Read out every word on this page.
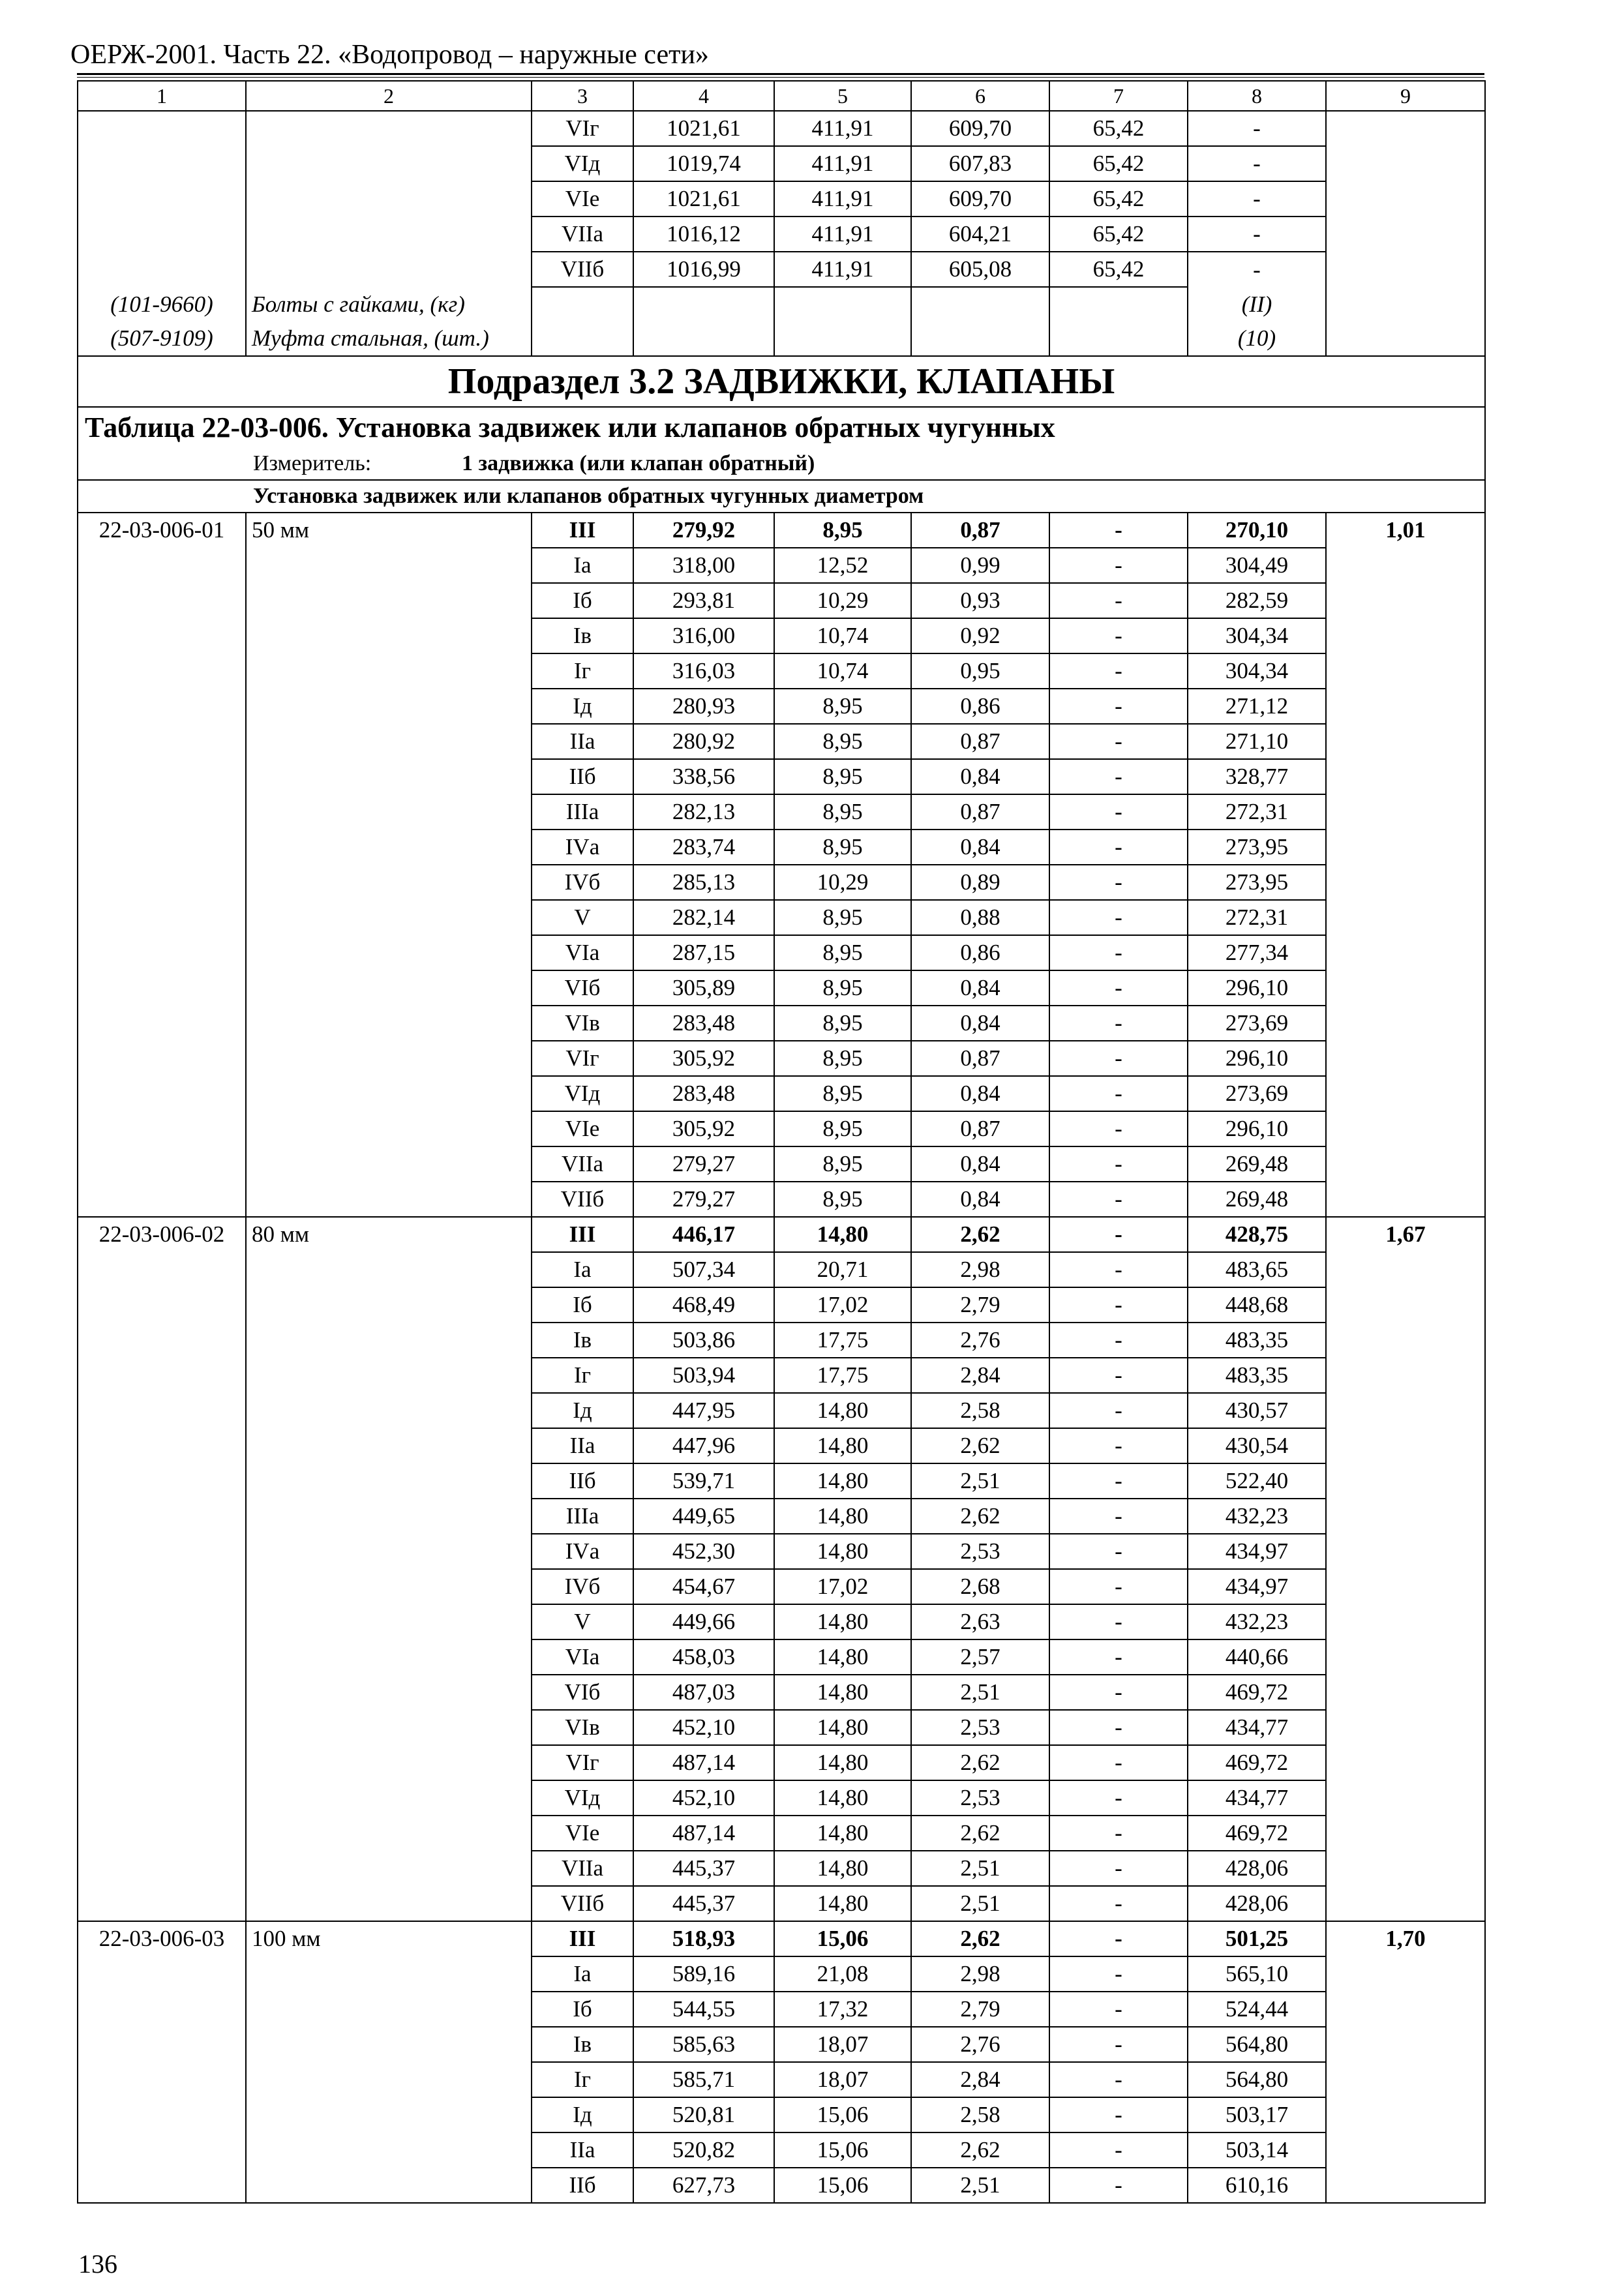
ОЕРЖ-2001. Часть 22. «Водопровод – наружные сети»
1	2	3	4	5	6	7	8	9
		VIг	1021,61	411,91	609,70	65,42	-	
		VIд	1019,74	411,91	607,83	65,42	-	
		VIе	1021,61	411,91	609,70	65,42	-	
		VIIа	1016,12	411,91	604,21	65,42	-	
		VIIб	1016,99	411,91	605,08	65,42	-	
(101-9660)	Болты с гайками, (кг)						(II)	
(507-9109)	Муфта стальная, (шт.)						(10)	
Подраздел 3.2 ЗАДВИЖКИ, КЛАПАНЫ								
Таблица 22-03-006. Установка задвижек или клапанов обратных чугунных								
Измеритель: 1 задвижка (или клапан обратный)								
Установка задвижек или клапанов обратных чугунных диаметром								
22-03-006-01	50 мм	III	279,92	8,95	0,87	-	270,10	1,01
		Iа	318,00	12,52	0,99	-	304,49	
		Iб	293,81	10,29	0,93	-	282,59	
		Iв	316,00	10,74	0,92	-	304,34	
		Iг	316,03	10,74	0,95	-	304,34	
		Iд	280,93	8,95	0,86	-	271,12	
		IIа	280,92	8,95	0,87	-	271,10	
		IIб	338,56	8,95	0,84	-	328,77	
		IIIа	282,13	8,95	0,87	-	272,31	
		IVа	283,74	8,95	0,84	-	273,95	
		IVб	285,13	10,29	0,89	-	273,95	
		V	282,14	8,95	0,88	-	272,31	
		VIа	287,15	8,95	0,86	-	277,34	
		VIб	305,89	8,95	0,84	-	296,10	
		VIв	283,48	8,95	0,84	-	273,69	
		VIг	305,92	8,95	0,87	-	296,10	
		VIд	283,48	8,95	0,84	-	273,69	
		VIе	305,92	8,95	0,87	-	296,10	
		VIIа	279,27	8,95	0,84	-	269,48	
		VIIб	279,27	8,95	0,84	-	269,48	
22-03-006-02	80 мм	III	446,17	14,80	2,62	-	428,75	1,67
		Iа	507,34	20,71	2,98	-	483,65	
		Iб	468,49	17,02	2,79	-	448,68	
		Iв	503,86	17,75	2,76	-	483,35	
		Iг	503,94	17,75	2,84	-	483,35	
		Iд	447,95	14,80	2,58	-	430,57	
		IIа	447,96	14,80	2,62	-	430,54	
		IIб	539,71	14,80	2,51	-	522,40	
		IIIа	449,65	14,80	2,62	-	432,23	
		IVа	452,30	14,80	2,53	-	434,97	
		IVб	454,67	17,02	2,68	-	434,97	
		V	449,66	14,80	2,63	-	432,23	
		VIа	458,03	14,80	2,57	-	440,66	
		VIб	487,03	14,80	2,51	-	469,72	
		VIв	452,10	14,80	2,53	-	434,77	
		VIг	487,14	14,80	2,62	-	469,72	
		VIд	452,10	14,80	2,53	-	434,77	
		VIе	487,14	14,80	2,62	-	469,72	
		VIIа	445,37	14,80	2,51	-	428,06	
		VIIб	445,37	14,80	2,51	-	428,06	
22-03-006-03	100 мм	III	518,93	15,06	2,62	-	501,25	1,70
		Iа	589,16	21,08	2,98	-	565,10	
		Iб	544,55	17,32	2,79	-	524,44	
		Iв	585,63	18,07	2,76	-	564,80	
		Iг	585,71	18,07	2,84	-	564,80	
		Iд	520,81	15,06	2,58	-	503,17	
		IIа	520,82	15,06	2,62	-	503,14	
		IIб	627,73	15,06	2,51	-	610,16	
136
